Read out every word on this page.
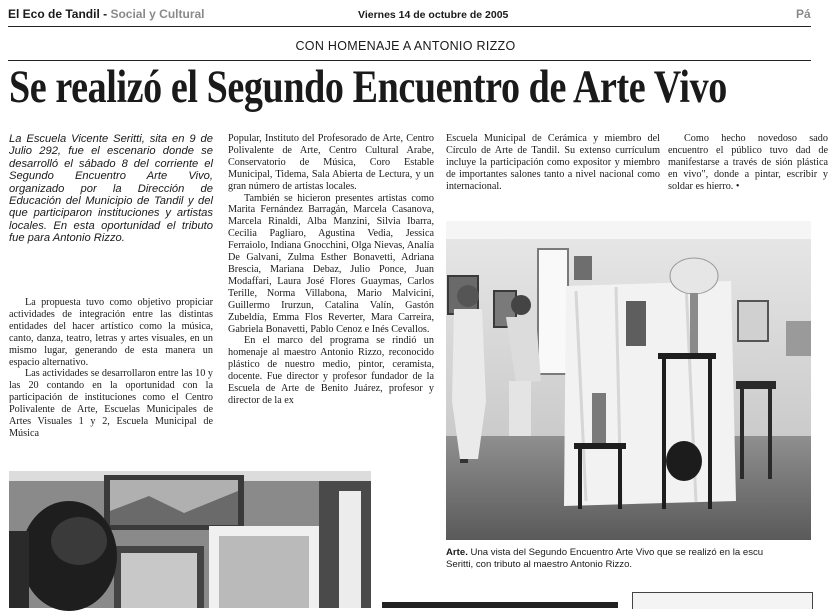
El Eco de Tandil - Social y Cultural	Viernes 14 de octubre de 2005	Pá
CON HOMENAJE A ANTONIO RIZZO
Se realizó el Segundo Encuentro de Arte Vivo
La Escuela Vicente Seritti, sita en 9 de Julio 292, fue el escenario donde se desarrolló el sábado 8 del corriente el Segundo Encuentro Arte Vivo, organizado por la Dirección de Educación del Municipio de Tandil y del que participaron instituciones y artistas locales. En esta oportunidad el tributo fue para Antonio Rizzo.

La propuesta tuvo como objetivo propiciar actividades de integración entre las distintas entidades del hacer artístico como la música, canto, danza, teatro, letras y artes visuales, en un mismo lugar, generando de esta manera un espacio alternativo.

Las actividades se desarrollaron entre las 10 y las 20 contando en la oportunidad con la participación de instituciones como el Centro Polivalente de Arte, Escuelas Municipales de Artes Visuales 1 y 2, Escuela Municipal de Música

Popular, Instituto del Profesorado de Arte, Centro Polivalente de Arte, Centro Cultural Arabe, Conservatorio de Música, Coro Estable Municipal, Tidema, Sala Abierta de Lectura, y un gran número de artistas locales.

También se hicieron presentes artistas como Marita Fernández Barragán, Marcela Casanova, Marcela Rinaldi, Alba Manzini, Silvia Ibarra, Cecilia Pagliaro, Agustina Vedia, Jessica Ferraiolo, Indiana Gnocchini, Olga Nievas, Analía De Galvani, Zulma Esther Bonavetti, Adriana Brescia, Mariana Debaz, Julio Ponce, Juan Modaffari, Laura José Flores Guaymas, Carlos Terille, Norma Villabona, Mario Malvicini, Guillermo Irurzun, Catalina Valín, Gastón Zubeldía, Emma Flos Reverter, Mara Carreira, Gabriela Bonavetti, Pablo Cenoz e Inés Cevallos.

En el marco del programa se rindió un homenaje al maestro Antonio Rizzo, reconocido plástico de nuestro medio, pintor, ceramista, docente. Fue director y profesor fundador de la Escuela de Arte de Benito Juárez, profesor y director de la ex

Escuela Municipal de Cerámica y miembro del Círculo de Arte de Tandil. Su extenso currículum incluye la participación como expositor y miembro de importantes salones tanto a nivel nacional como internacional.

Como hecho novedoso sado encuentro el público tuvo dad de manifestarse a través de sión plástica en vivo", donde a pintar, escribir y soldar es hierro. •

Arte. Una vista del Segundo Encuentro Arte Vivo que se realizó en la escu
Seritti, con tributo al maestro Antonio Rizzo.
